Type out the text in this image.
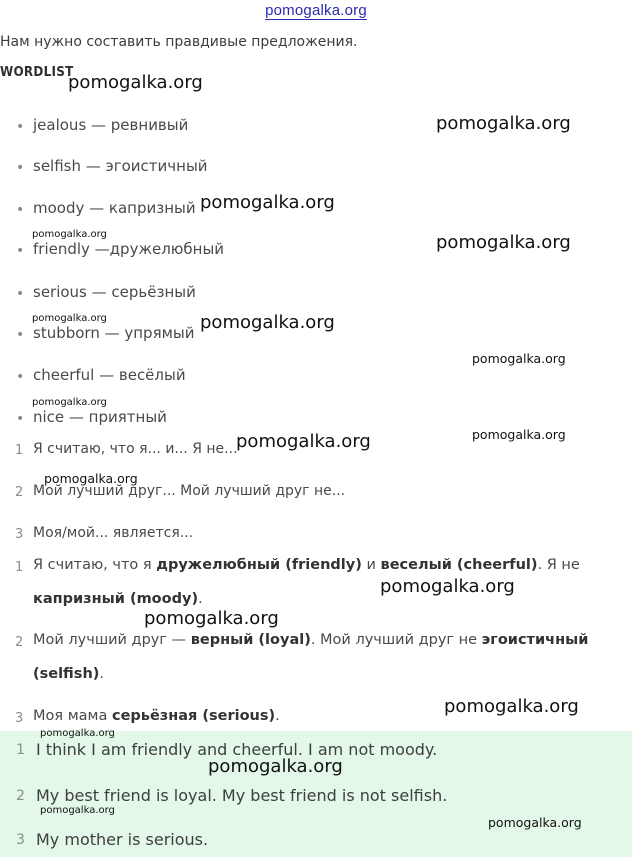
pomogalka.org
Нам нужно составить правдивые предложения.
WORDLIST
• jealous — ревнивый
• selfish — эгоистичный
• moody — капризный
• friendly —дружелюбный
• serious — серьёзный
• stubborn — упрямый
• cheerful — весёлый
• nice — приятный
1 Я считаю, что я... и... Я не...
2 Мой лучший друг... Мой лучший друг не...
3 Моя/мой... является...
1 Я считаю, что я дружелюбный (friendly) и веселый (cheerful). Я не
капризный (moody).
2 Мой лучший друг — верный (loyal). Мой лучший друг не эгоистичный
(selfish).
3 Моя мама серьёзная (serious).
1 I think I am friendly and cheerful. I am not moody.
2 My best friend is loyal. My best friend is not selfish.
3 My mother is serious.
pomogalka.org
pomogalka.org
pomogalka.org
pomogalka.org	pomogalka.org
pomogalka.org	pomogalka.org
pomogalka.org
pomogalka.org
pomogalka.org
pomogalka.org
pomogalka.org
pomogalka.org
pomogalka.org
pomogalka.org
pomogalka.org
pomogalka.org
pomogalka.org
pomogalka.org
